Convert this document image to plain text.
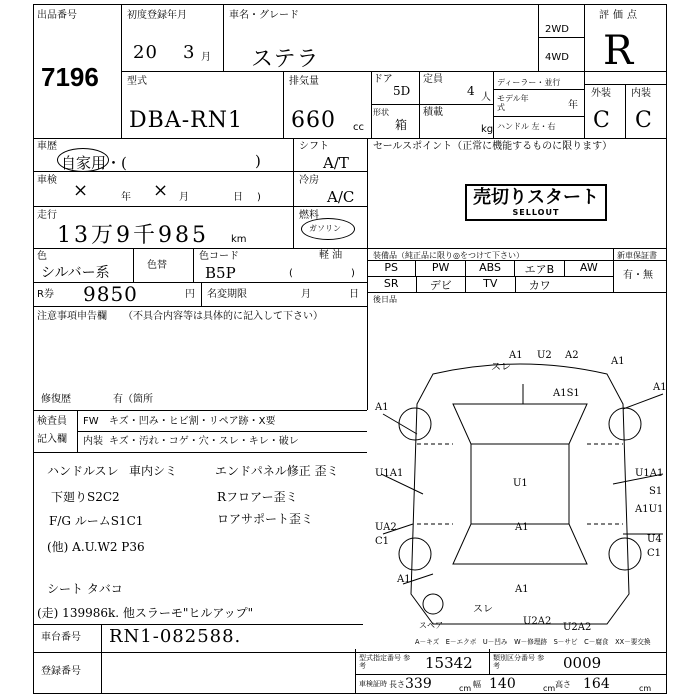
出品番号
7196
初度登録年月
20 3 月
車名・グレード
ステラ
2WD
4WD
評価点
R
外装 内装
C C
型式
DBA-RN1
排気量
660 cc
ドア
5D
定員
4 人
形状
箱
積載
kg
ディーラー・並行
モデル年式	年
ハンドル 左・右
車歴
自家用・(	)
シフト
A/T
車検 ×	年 × 月	日 )
冷房
A/C
走行
13万9千985 km
燃料
ガソリン
軽 油
色
シルバー系	色替
色コード
B5P	(	)
R券 9850	円 名変期限	月	日
セールスポイント（正常に機能するものに限ります）
売切りスタート
SELLOUT
装備品（純正品に限り◎をつけて下さい）	新車保証書
有・無
PS	PW	ABS	エアB	AW
SR	デビ	TV	カワ
後日品
注意事項申告欄 （不具合内容等は具体的に記入して下さい）
修復歴	有（箇所
検査員
記入欄
FW キズ・凹み・ヒビ割・リペア跡・X要
内装 キズ・汚れ・コゲ・穴・スレ・キレ・破レ
ハンドルスレ 車内シミ	エンドパネル修正 歪ミ
下廻りS2C2	Rフロアー歪ミ
F/G ルームS1C1	ロアサポート歪ミ
(他) A.U.W2 P36
シート タバコ
(走) 139986k. 他スラーモ"ヒルアップ"
A1 U2 A2
スレ
A1
A1S1
A1
U1A1	U1A1
A1
U1
A1U1
S1
U4
C1
UA2
C1
A1
A1
A1
スペア	U2A2
スレ
U2A2
A－キズ　E－エクボ　U－凹み　W－修理跡　S－サビ　C－腐食　XX－要交換
車台番号 RN1-082588.
登録番号
型式指定番号 参考	15342	類別区分番号 参考	0009
車検証時 長さ 339	cm 幅 140	cm 高さ 164	cm
